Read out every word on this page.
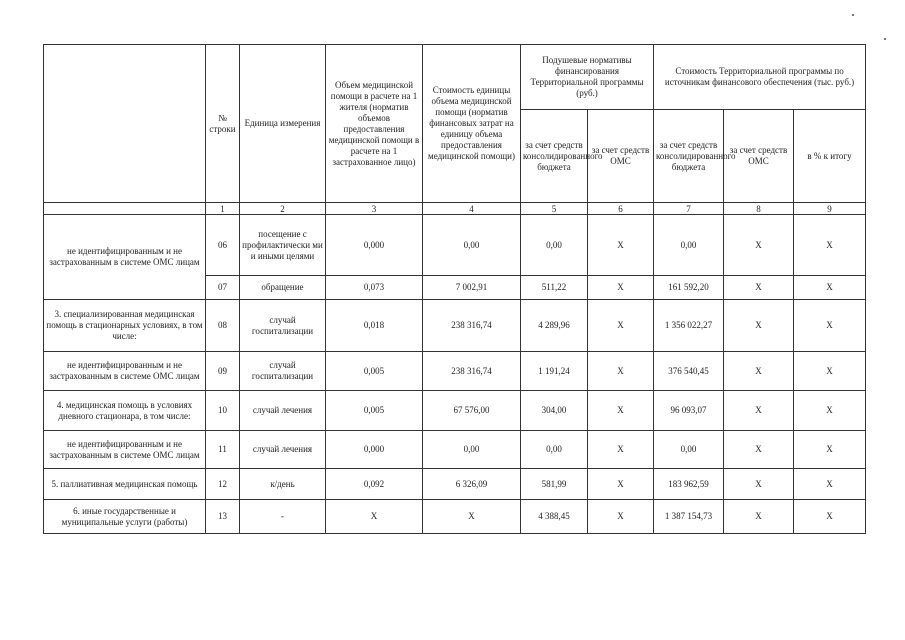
	№ строки	Единица измерения	Объем медицинской помощи в расчете на 1 жителя (норматив объемов предоставления медицинской помощи в расчете на 1 застрахованное лицо)	Стоимость единицы объема медицинской помощи (норматив финансовых затрат на единицу объема предоставления медицинской помощи)	Подушевые нормативы финансирования Территориальной программы (руб.)		Стоимость Территориальной программы по источникам финансового обеспечения (тыс. руб.)		
					за счет средств консолидированного бюджета	за счет средств ОМС	за счет средств консолидированного бюджета	за счет средств ОМС	в % к итогу
	1	2	3	4	5	6	7	8	9
не идентифицированным и не застрахованным в системе ОМС лицам	06	посещение с профилактически ми и иными целями	0,000	0,00	0,00	X	0,00	X	X
	07	обращение	0,073	7 002,91	511,22	X	161 592,20	X	X
3. специализированная медицинская помощь в стационарных условиях, в том числе:	08	случай госпитализации	0,018	238 316,74	4 289,96	X	1 356 022,27	X	X
не идентифицированным и не застрахованным в системе ОМС лицам	09	случай госпитализации	0,005	238 316,74	1 191,24	X	376 540,45	X	X
4. медицинская помощь в условиях дневного стационара, в том числе:	10	случай лечения	0,005	67 576,00	304,00	X	96 093,07	X	X
не идентифицированным и не застрахованным в системе ОМС лицам	11	случай лечения	0,000	0,00	0,00	X	0,00	X	X
5. паллиативная медицинская помощь	12	к/день	0,092	6 326,09	581,99	X	183 962,59	X	X
6. иные государственные и муниципальные услуги (работы)	13	-	X	X	4 388,45	X	1 387 154,73	X	X
